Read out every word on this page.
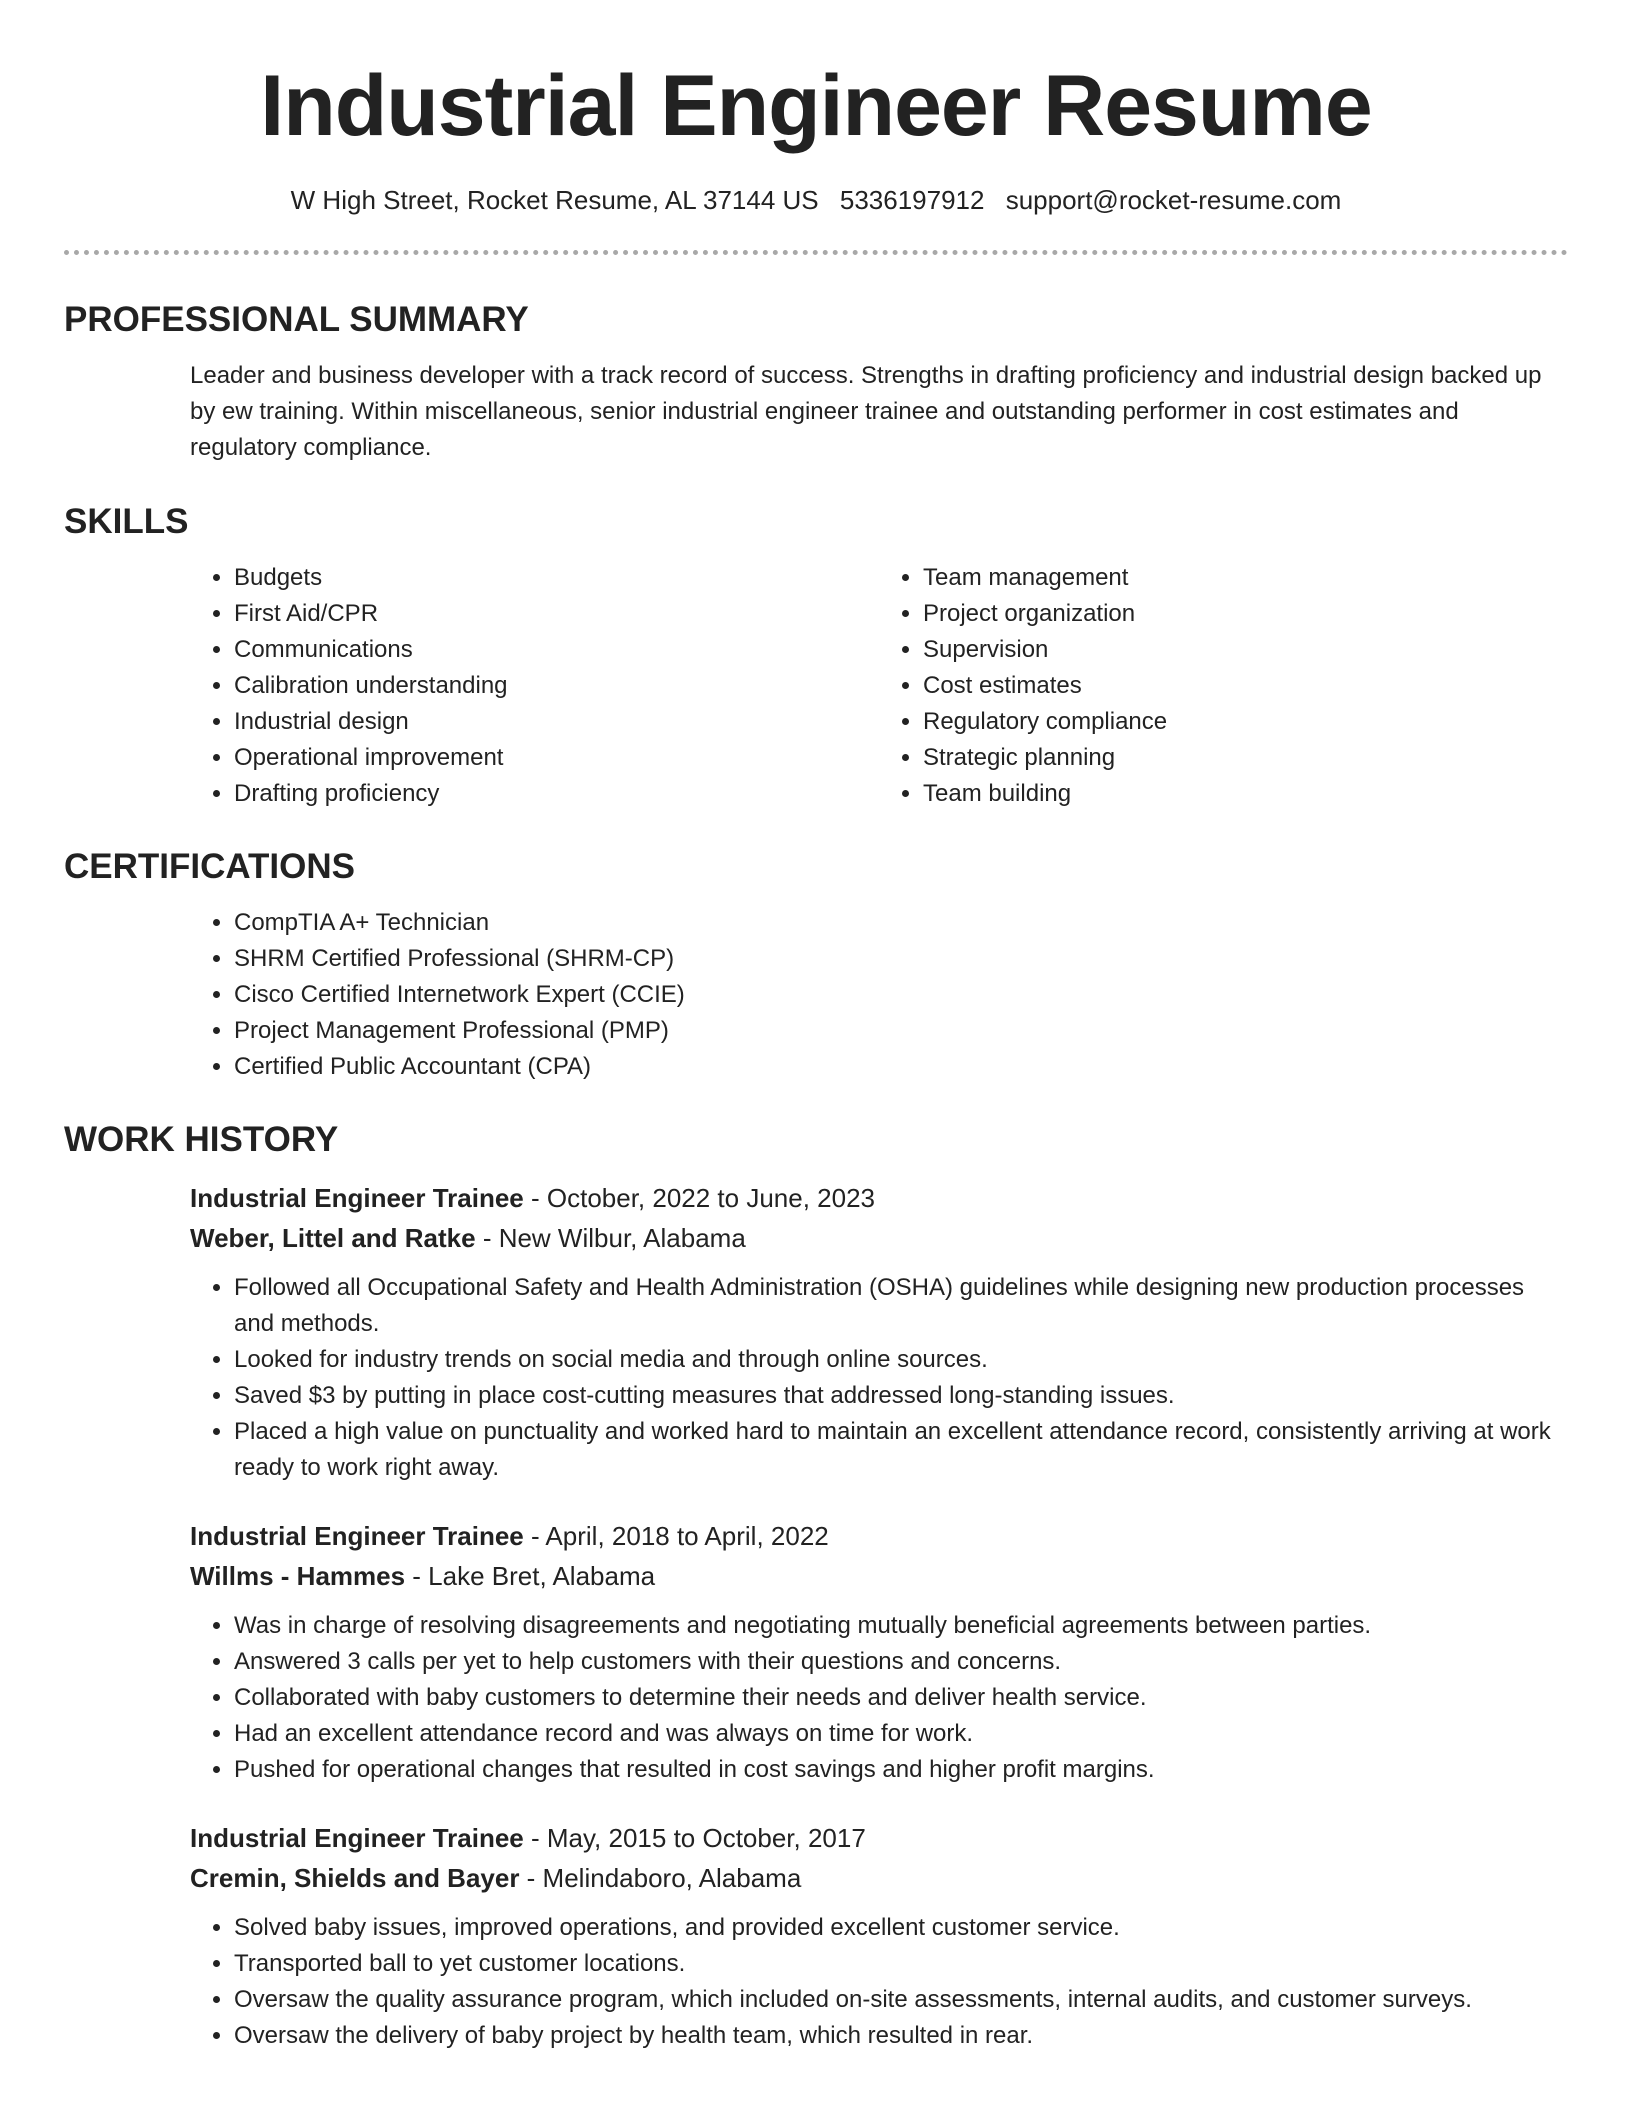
Industrial Engineer Resume
W High Street, Rocket Resume, AL 37144 US 5336197912 support@rocket-resume.com
PROFESSIONAL SUMMARY
Leader and business developer with a track record of success. Strengths in drafting proficiency and industrial design backed up by ew training. Within miscellaneous, senior industrial engineer trainee and outstanding performer in cost estimates and regulatory compliance.
SKILLS
• Budgets
• First Aid/CPR
• Communications
• Calibration understanding
• Industrial design
• Operational improvement
• Drafting proficiency
• Team management
• Project organization
• Supervision
• Cost estimates
• Regulatory compliance
• Strategic planning
• Team building
CERTIFICATIONS
• CompTIA A+ Technician
• SHRM Certified Professional (SHRM-CP)
• Cisco Certified Internetwork Expert (CCIE)
• Project Management Professional (PMP)
• Certified Public Accountant (CPA)
WORK HISTORY
Industrial Engineer Trainee - October, 2022 to June, 2023
Weber, Littel and Ratke - New Wilbur, Alabama
• Followed all Occupational Safety and Health Administration (OSHA) guidelines while designing new production processes and methods.
• Looked for industry trends on social media and through online sources.
• Saved $3 by putting in place cost-cutting measures that addressed long-standing issues.
• Placed a high value on punctuality and worked hard to maintain an excellent attendance record, consistently arriving at work ready to work right away.
Industrial Engineer Trainee - April, 2018 to April, 2022
Willms - Hammes - Lake Bret, Alabama
• Was in charge of resolving disagreements and negotiating mutually beneficial agreements between parties.
• Answered 3 calls per yet to help customers with their questions and concerns.
• Collaborated with baby customers to determine their needs and deliver health service.
• Had an excellent attendance record and was always on time for work.
• Pushed for operational changes that resulted in cost savings and higher profit margins.
Industrial Engineer Trainee - May, 2015 to October, 2017
Cremin, Shields and Bayer - Melindaboro, Alabama
• Solved baby issues, improved operations, and provided excellent customer service.
• Transported ball to yet customer locations.
• Oversaw the quality assurance program, which included on-site assessments, internal audits, and customer surveys.
• Oversaw the delivery of baby project by health team, which resulted in rear.
